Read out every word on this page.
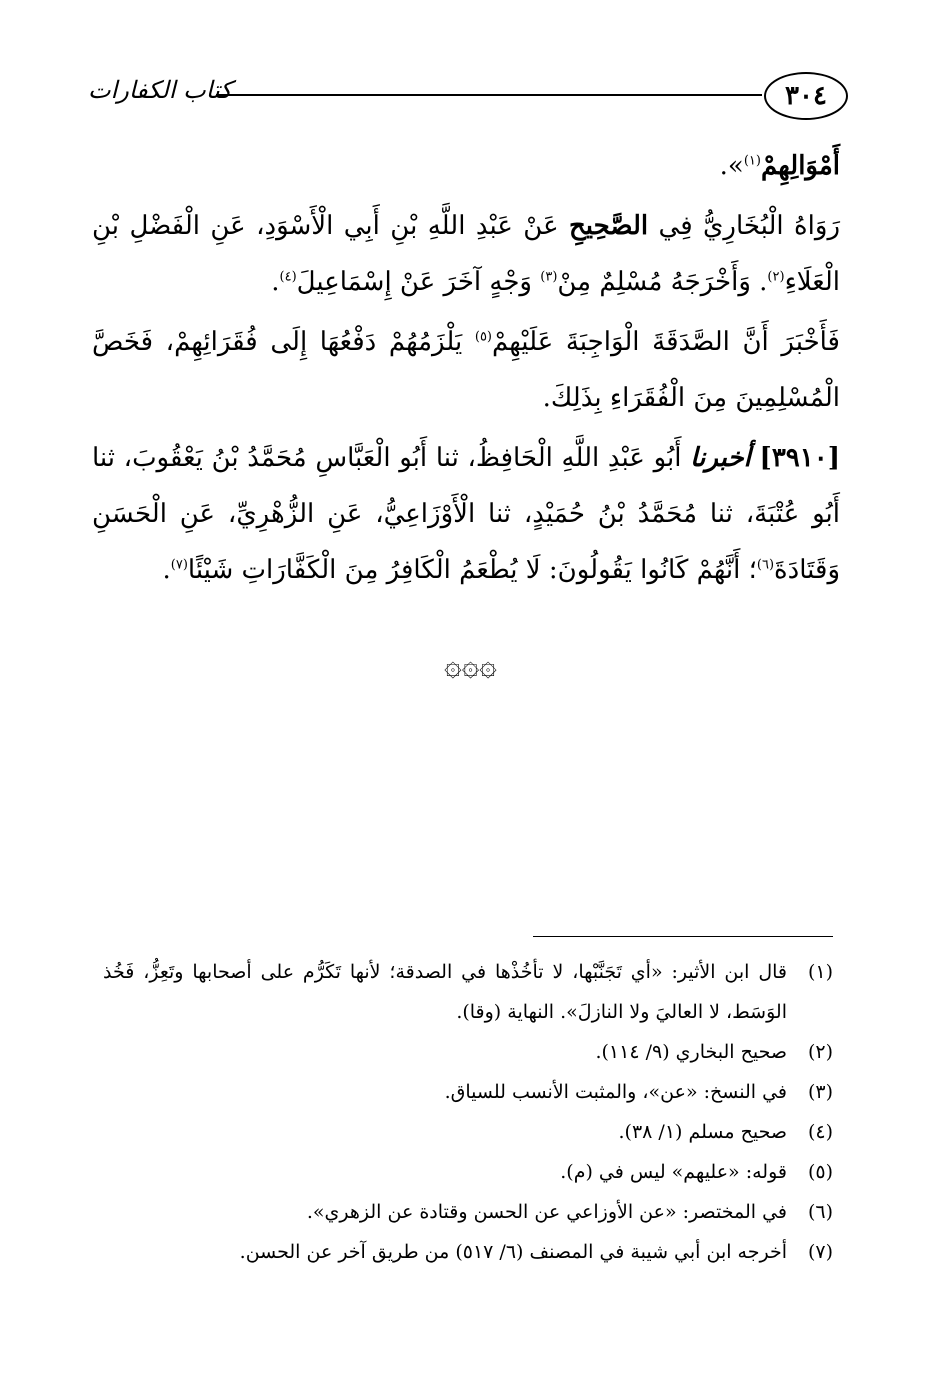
٣٠٤
كتاب الكفارات

أَمْوَالِهِمْ$^{(١)}$».

رَوَاهُ الْبُخَارِيُّ فِي الصَّحِيحِ عَنْ عَبْدِ اللَّهِ بْنِ أَبِي الْأَسْوَدِ، عَنِ الْفَضْلِ بْنِ الْعَلَاءِ$^{(٢)}$. وَأَخْرَجَهُ مُسْلِمٌ مِنْ$^{(٣)}$ وَجْهٍ آخَرَ عَنْ إِسْمَاعِيلَ$^{(٤)}$.

فَأَخْبَرَ أَنَّ الصَّدَقَةَ الْوَاجِبَةَ عَلَيْهِمْ$^{(٥)}$ يَلْزَمُهُمْ دَفْعُهَا إِلَى فُقَرَائِهِمْ، فَخَصَّ الْمُسْلِمِينَ مِنَ الْفُقَرَاءِ بِذَلِكَ.

[٣٩١٠] أخبرنا أَبُو عَبْدِ اللَّهِ الْحَافِظُ، ثنا أَبُو الْعَبَّاسِ مُحَمَّدُ بْنُ يَعْقُوبَ، ثنا أَبُو عُتْبَةَ، ثنا مُحَمَّدُ بْنُ حُمَيْدٍ، ثنا الْأَوْزَاعِيُّ، عَنِ الزُّهْرِيِّ، عَنِ الْحَسَنِ وَقَتَادَةَ$^{(٦)}$؛ أَنَّهُمْ كَانُوا يَقُولُونَ: لَا يُطْعَمُ الْكَافِرُ مِنَ الْكَفَّارَاتِ شَيْئًا$^{(٧)}$.

۞۞۞
(١)
قال ابن الأثير: «أي تَجَنَّبْها، لا تأخُذْها في الصدقة؛ لأنها تَكَرُّم على أصحابها وتَعِزُّ، فَخُذ الوَسَط، لا العاليَ ولا النازلَ». النهاية (وقا).
(٢)
صحيح البخاري (٩/ ١١٤).
(٣)
في النسخ: «عن»، والمثبت الأنسب للسياق.
(٤)
صحيح مسلم (١/ ٣٨).
(٥)
قوله: «عليهم» ليس في (م).
(٦)
في المختصر: «عن الأوزاعي عن الحسن وقتادة عن الزهري».
(٧)
أخرجه ابن أبي شيبة في المصنف (٦/ ٥١٧) من طريق آخر عن الحسن.
